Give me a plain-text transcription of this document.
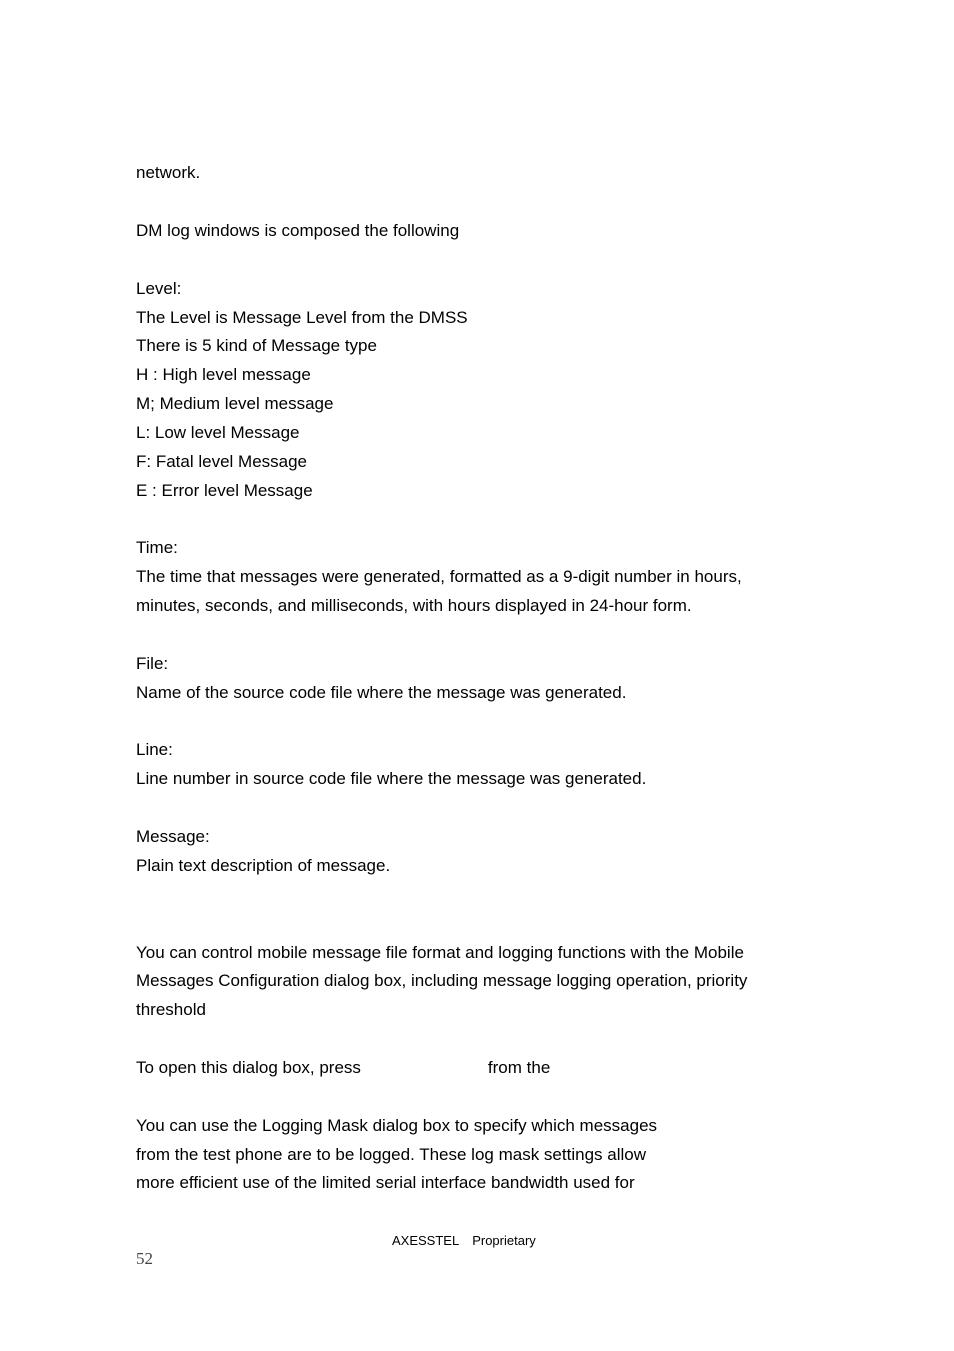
network.
DM log windows is composed the following
Level:
The Level is Message Level from the DMSS
There is 5 kind of Message type
H : High level message
M; Medium level message
L: Low level Message
F: Fatal level Message
E : Error level Message
Time:
The time that messages were generated, formatted as a 9-digit number in hours,
minutes, seconds, and milliseconds, with hours displayed in 24-hour form.
File:
Name of the source code file where the message was generated.
Line:
Line number in source code file where the message was generated.
Message:
Plain text description of message.
You can control mobile message file format and logging functions with the Mobile
Messages Configuration dialog box, including message logging operation, priority
threshold
To open this dialog box, press	from the
You can use the Logging Mask dialog box to specify which messages
from the test phone are to be logged. These log mask settings allow
more efficient use of the limited serial interface bandwidth used for
AXESSTEL Proprietary
52
